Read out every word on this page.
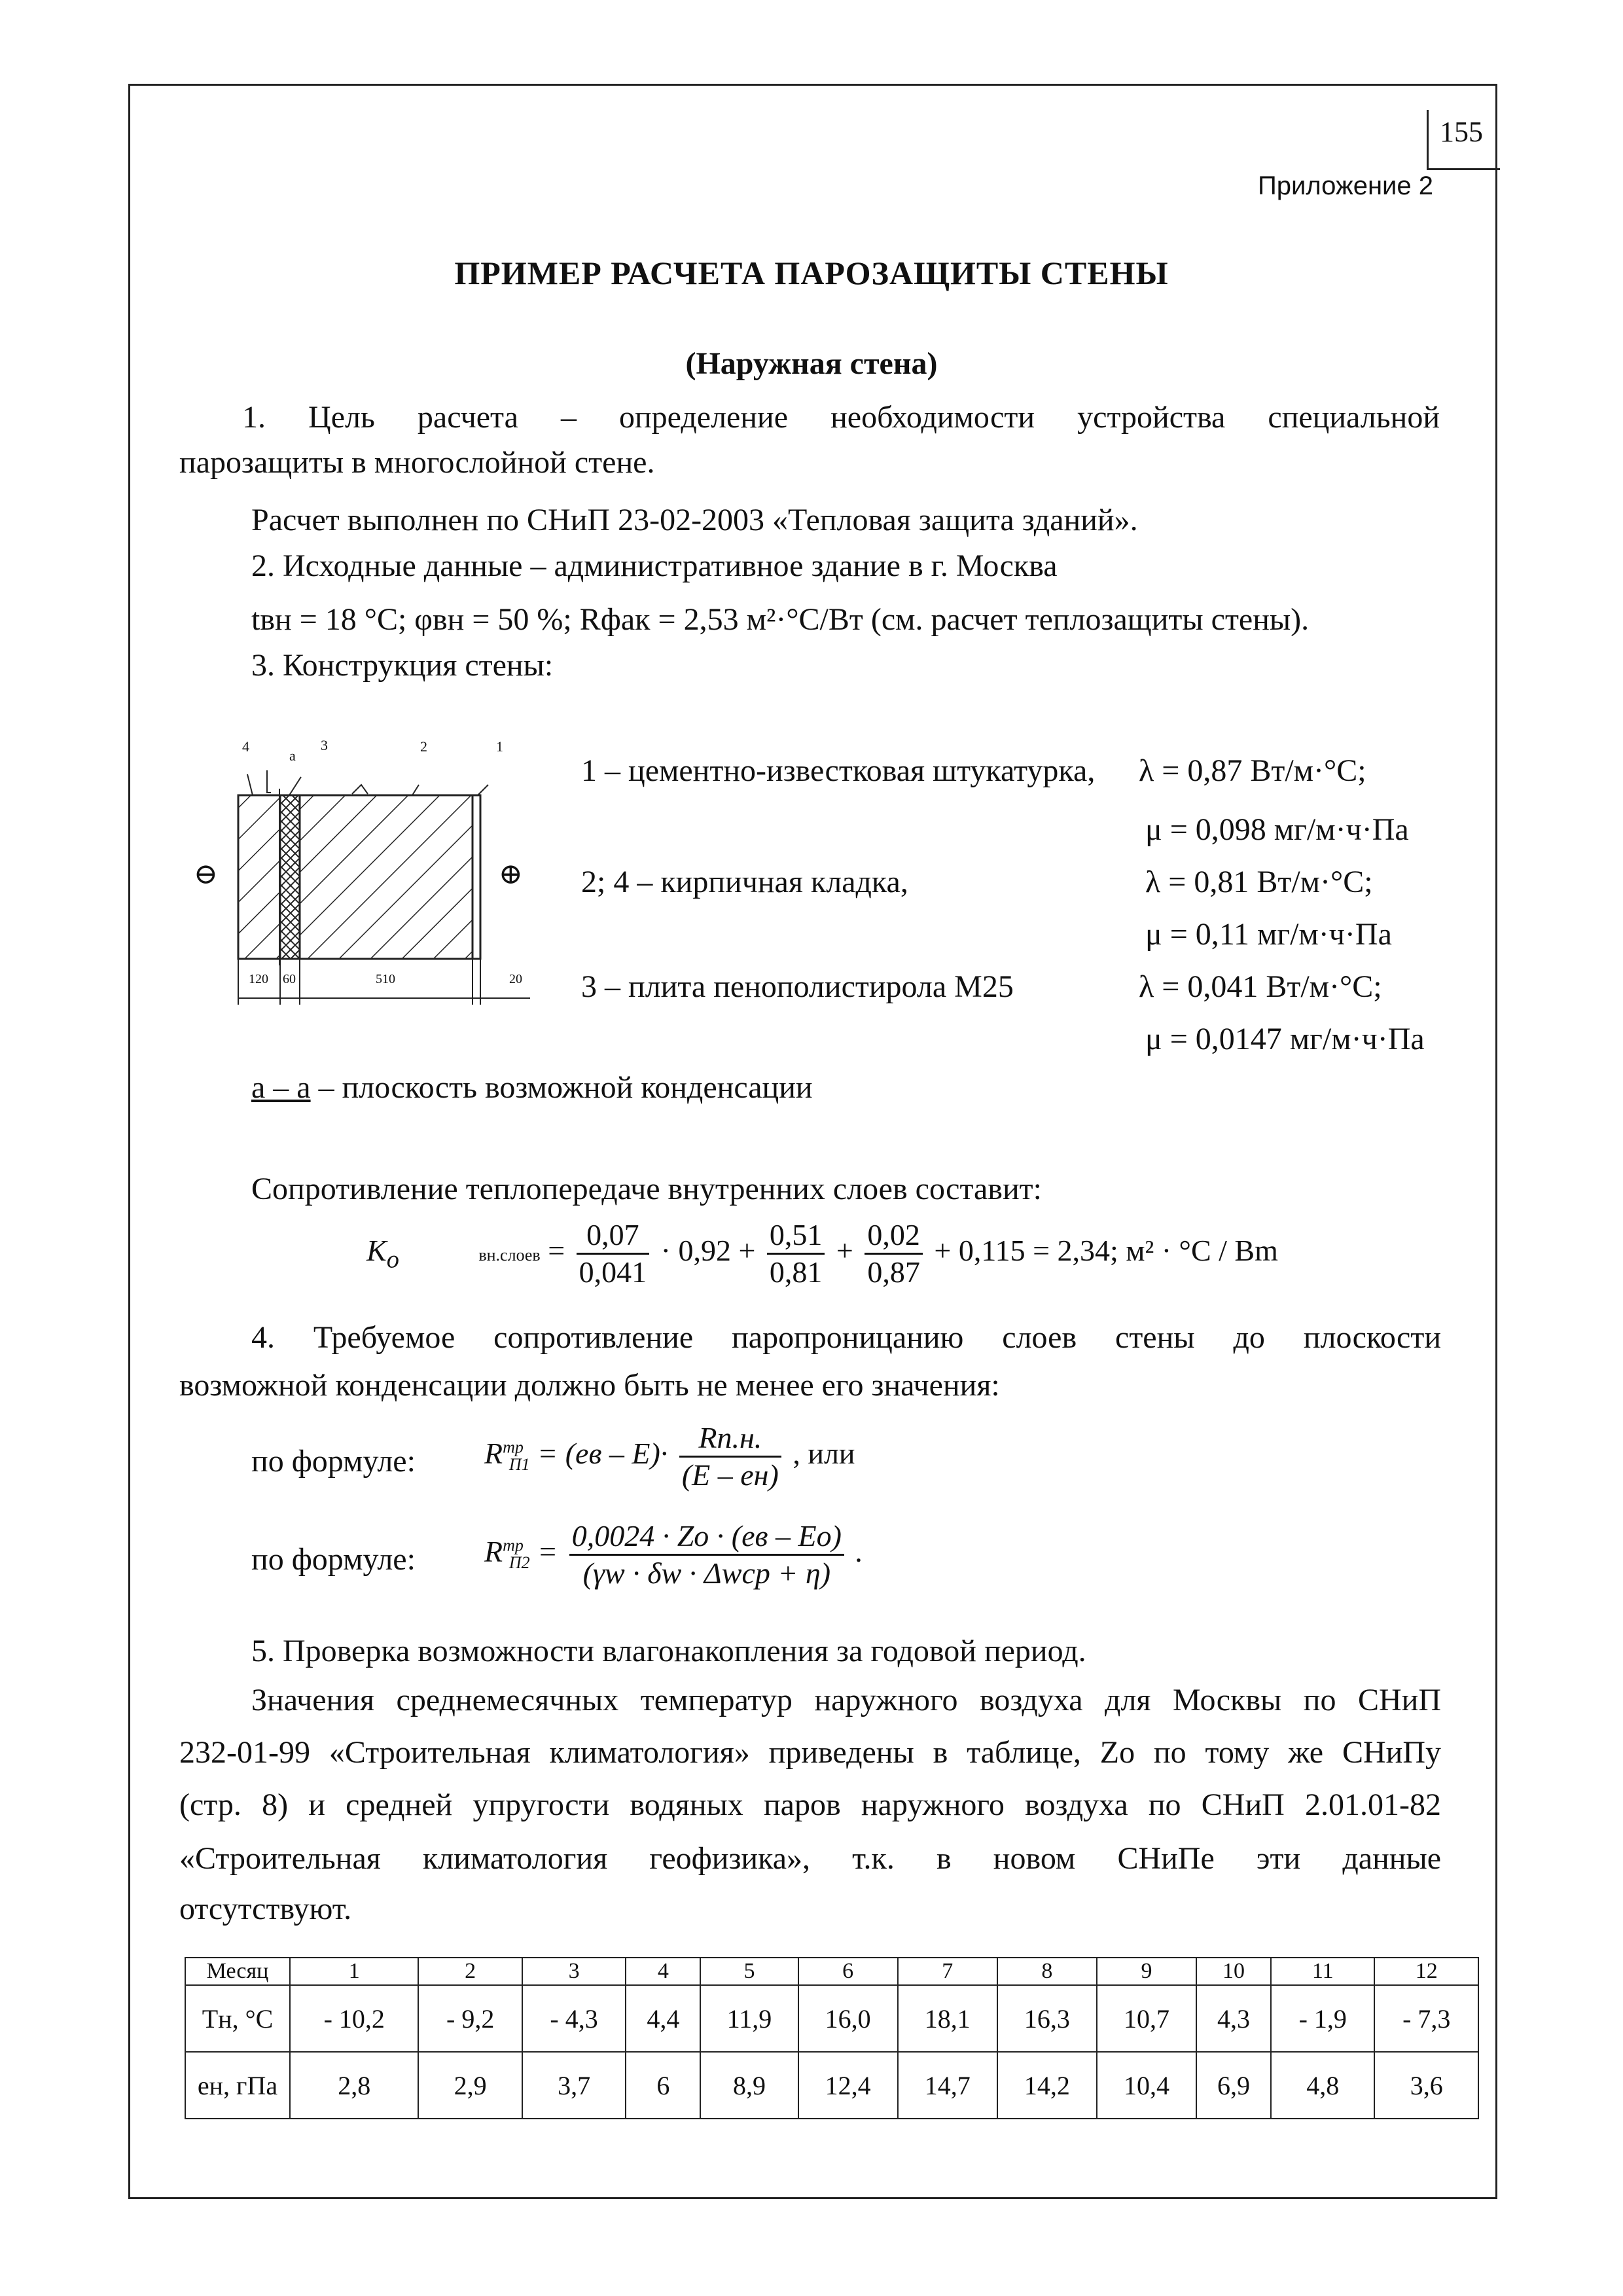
155
Приложение 2
ПРИМЕР РАСЧЕТА ПАРОЗАЩИТЫ СТЕНЫ
(Наружная стена)
1. Цель расчета – определение необходимости устройства специальной
парозащиты в многослойной стене.
Расчет выполнен по СНиП 23-02-2003 «Тепловая защита зданий».
2. Исходные данные – административное здание в г. Москва
tвн = 18 °С; φвн = 50 %; Rфак = 2,53 м²·°С/Вт (см. расчет теплозащиты стены).
3. Конструкция стены:
4
а
3	2	1
⊖	⊕
120 60	510	20
1 – цементно-известковая штукатурка, λ = 0,87 Вт/м·°С;
μ = 0,098 мг/м·ч·Па
2; 4 – кирпичная кладка,	λ = 0,81 Вт/м·°С;
μ = 0,11 мг/м·ч·Па
3 – плита пенополистирола М25	λ = 0,041 Вт/м·°С;
μ = 0,0147 мг/м·ч·Па
а – а – плоскость возможной конденсации
Сопротивление теплопередаче внутренних слоев составит:
$K_o$	вн.слоев = $\frac{0,07}{0,041} \cdot 0,92 + \frac{0,51}{0,81} + \frac{0,02}{0,87} + 0,115 = 2,34$; м² · °C / Bm
4. Требуемое сопротивление паропроницанию слоев стены до плоскости
возможной конденсации должно быть не менее его значения:
по формуле: $R^{тр}_{П1} = (eв - E)\cdot \frac{Rп.н.}{(E - eн)}$ , или
по формуле: $R^{тр}_{П2} = \frac{0,0024 \cdot Zo \cdot (eв - Eo)}{\text{(γw · δw · Δwср + η)}}$ .
5. Проверка возможности влагонакопления за годовой период.
Значения среднемесячных температур наружного воздуха для Москвы по СНиП
232-01-99 «Строительная климатология» приведены в таблице, Zo по тому же СНиПу
(стр. 8) и средней упругости водяных паров наружного воздуха по СНиП 2.01.01-82
«Строительная климатология геофизика», т.к. в новом СНиПе эти данные
отсутствуют.
Месяц	1	2	3	4	5	6	7	8	9	10	11	12
Tн, °С	- 10,2	- 9,2	- 4,3	4,4	11,9	16,0	18,1	16,3	10,7	4,3	- 1,9	- 7,3
eн, гПа	2,8	2,9	3,7	6	8,9	12,4	14,7	14,2	10,4	6,9	4,8	3,6
